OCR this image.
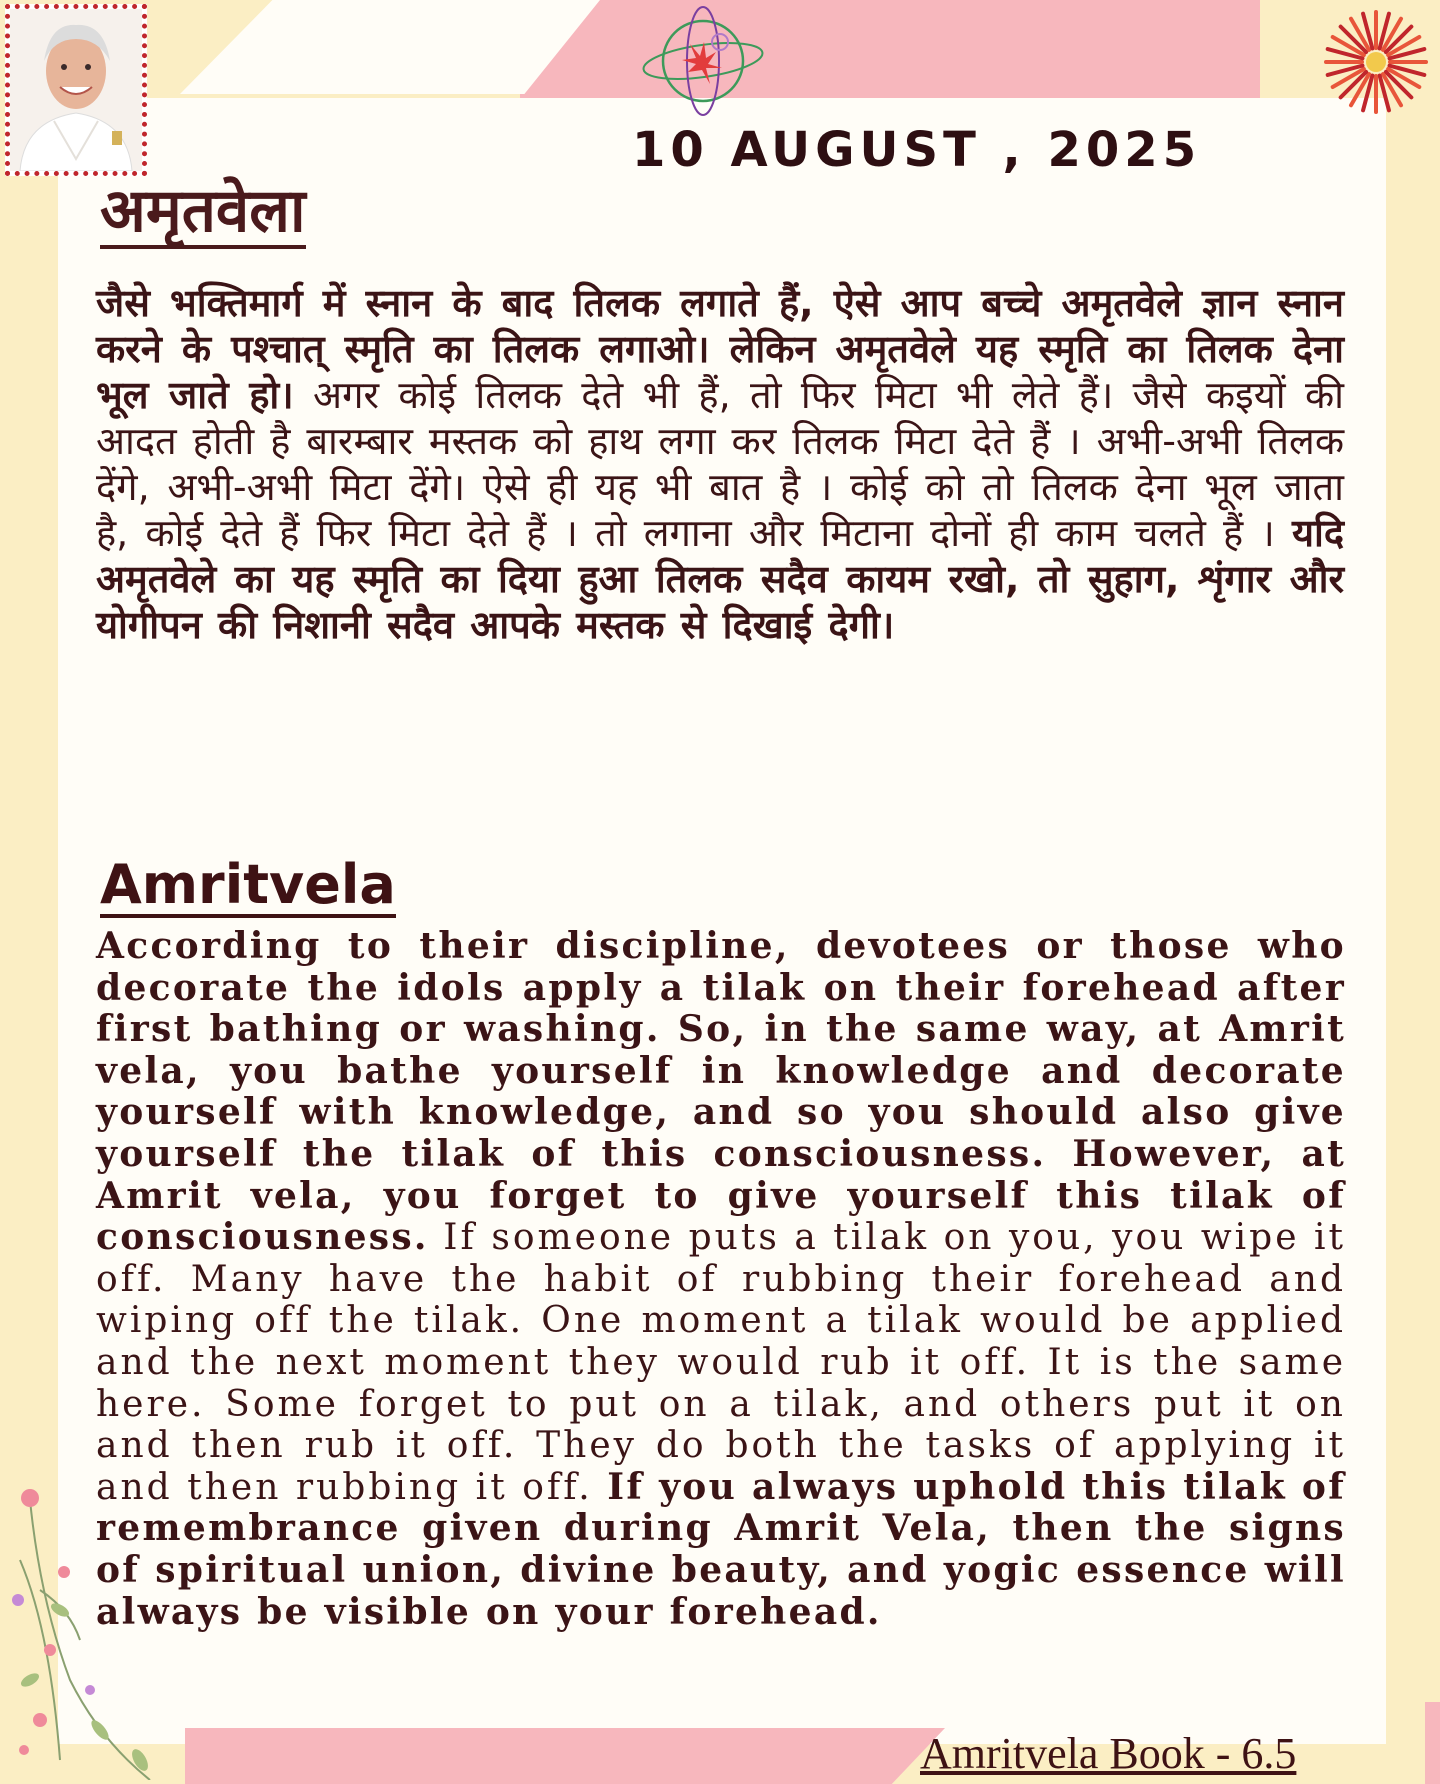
10 AUGUST , 2025
अमृतवेला

जैसे भक्तिमार्ग में स्नान के बाद तिलक लगाते हैं, ऐसे आप बच्चे अमृतवेले ज्ञान स्नान करने के पश्चात् स्मृति का तिलक लगाओ। लेकिन अमृतवेले यह स्मृति का तिलक देना भूल जाते हो। अगर कोई तिलक देते भी हैं, तो फिर मिटा भी लेते हैं। जैसे कइयों की आदत होती है बारम्बार मस्तक को हाथ लगा कर तिलक मिटा देते हैं । अभी-अभी तिलक देंगे, अभी-अभी मिटा देंगे। ऐसे ही यह भी बात है । कोई को तो तिलक देना भूल जाता है, कोई देते हैं फिर मिटा देते हैं । तो लगाना और मिटाना दोनों ही काम चलते हैं । यदि अमृतवेले का यह स्मृति का दिया हुआ तिलक सदैव कायम रखो, तो सुहाग, शृंगार और योगीपन की निशानी सदैव आपके मस्तक से दिखाई देगी।

Amritvela

According to their discipline, devotees or those who decorate the idols apply a tilak on their forehead after first bathing or washing. So, in the same way, at Amrit vela, you bathe yourself in knowledge and decorate yourself with knowledge, and so you should also give yourself the tilak of this consciousness. However, at Amrit vela, you forget to give yourself this tilak of consciousness. If someone puts a tilak on you, you wipe it off. Many have the habit of rubbing their forehead and wiping off the tilak. One moment a tilak would be applied and the next moment they would rub it off. It is the same here. Some forget to put on a tilak, and others put it on and then rub it off. They do both the tasks of applying it and then rubbing it off. If you always uphold this tilak of remembrance given during Amrit Vela, then the signs of spiritual union, divine beauty, and yogic essence will always be visible on your forehead.

Amritvela Book - 6.5
